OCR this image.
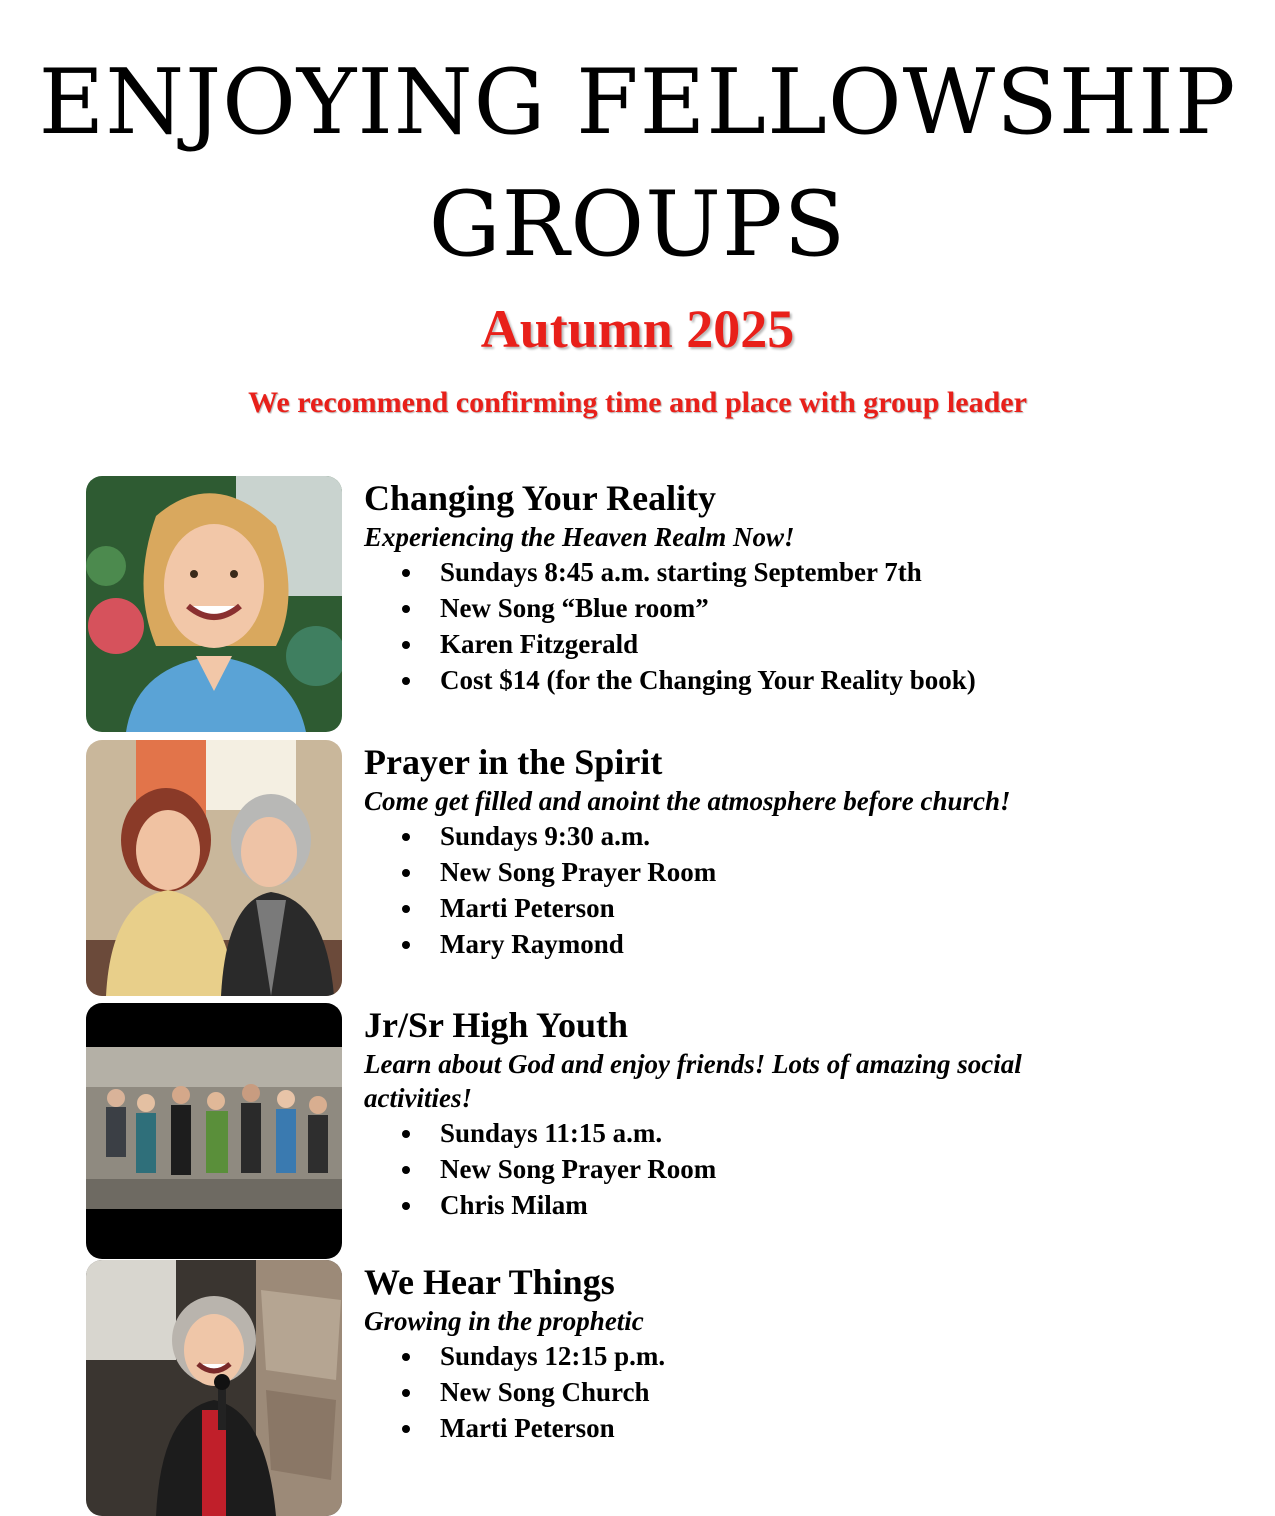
ENJOYING FELLOWSHIP
GROUPS
Autumn 2025
We recommend confirming time and place with group leader
Changing Your Reality

Experiencing the Heaven Realm Now!

Sundays 8:45 a.m. starting September 7th
New Song “Blue room”
Karen Fitzgerald
Cost $14 (for the Changing Your Reality book)
Prayer in the Spirit

Come get filled and anoint the atmosphere before church!

Sundays 9:30 a.m.
New Song Prayer Room
Marti Peterson
Mary Raymond
Jr/Sr High Youth

Learn about God and enjoy friends! Lots of amazing social activities!

Sundays 11:15 a.m.
New Song Prayer Room
Chris Milam
We Hear Things

Growing in the prophetic

Sundays 12:15 p.m.
New Song Church
Marti Peterson
